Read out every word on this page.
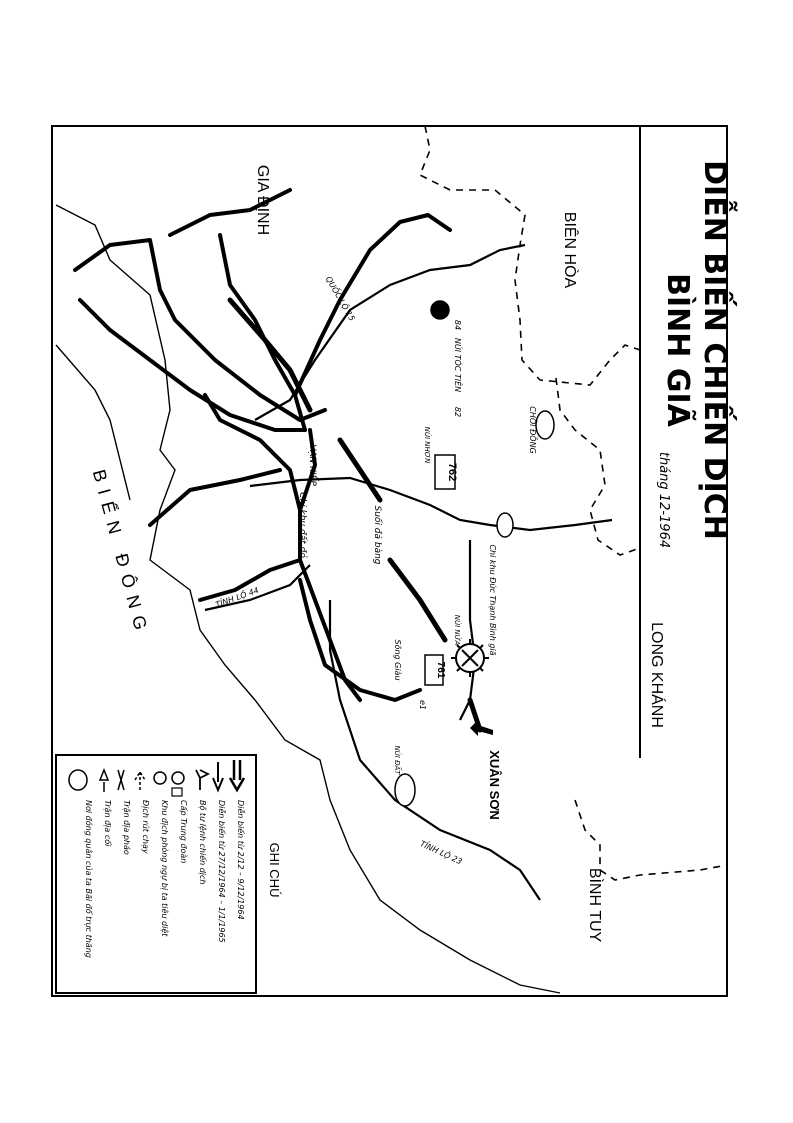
762
761
DIỄN BIẾN CHIẾN DỊCH
BÌNH GIÃ
tháng 12-1964
GIA ĐỊNH
BIÊN HÒA
LONG KHÁNH
BÌNH TUY
BIỂN ĐÔNG
XUÂN SƠN
CHÒI ĐỒNG
NÚI TÓC TIÊN
NÚI NHƠN
NÚI NỬA
NÚI ĐẤT
Suối đá bàng
VẠN KIẾP
Chi khu đất đỏ
Chi khu Đức Thạnh Bình giã
Sông Giàu
QUỐC LỘ 15
TỈNH LỘ 44
TỈNH LỘ 23
82
84
e1
GHI CHÚ
Diễn biến từ 2/12 – 9/12/1964
Diễn biến từ 27/12/1964 – 1/1/1965
Bộ tư lệnh chiến dịch
Cấp Trung đoàn
Khu địch phòng ngự bị ta tiêu diệt
Địch rút chạy
Trận địa pháo
Trận địa cối
Nơi đóng quân của ta Bãi đổ trực thăng
